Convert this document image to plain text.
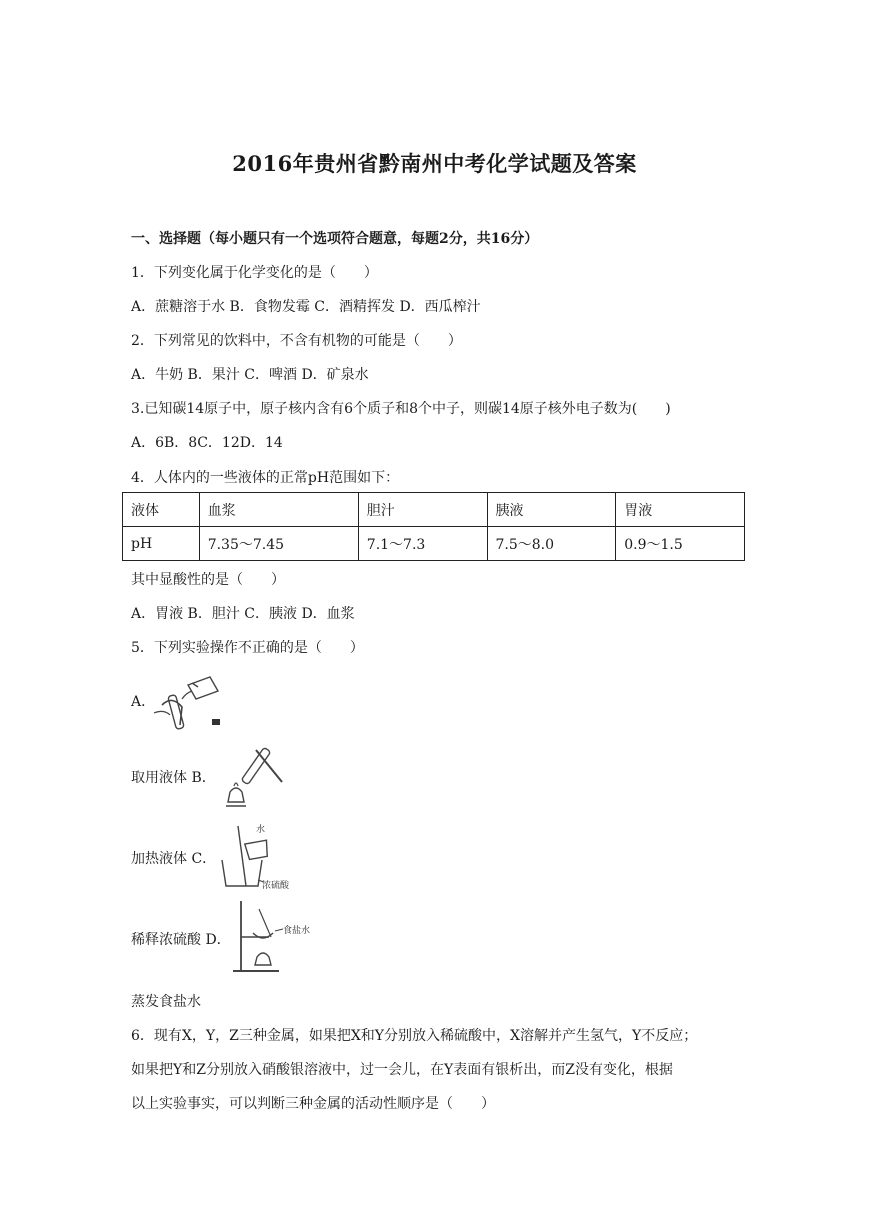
2016年贵州省黔南州中考化学试题及答案
一、选择题（每小题只有一个选项符合题意，每题2分，共16分）
1．下列变化属于化学变化的是（　　）
A．蔗糖溶于水 B．食物发霉 C．酒精挥发 D．西瓜榨汁
2．下列常见的饮料中，不含有机物的可能是（　　）
A．牛奶 B．果汁 C．啤酒 D．矿泉水
3.已知碳14原子中，原子核内含有6个质子和8个中子，则碳14原子核外电子数为(　　)
A．6B．8C．12D．14
4．人体内的一些液体的正常pH范围如下：
液体	血浆	胆汁	胰液	胃液
pH	7.35～7.45	7.1～7.3	7.5～8.0	0.9～1.5
其中显酸性的是（　　）
A．胃液 B．胆汁 C．胰液 D．血浆
5．下列实验操作不正确的是（　　）
A．
取用液体 B．
加热液体 C．
水
浓硫酸
稀释浓硫酸 D．
食盐水
蒸发食盐水
6．现有X，Y，Z三种金属，如果把X和Y分别放入稀硫酸中，X溶解并产生氢气，Y不反应；
如果把Y和Z分别放入硝酸银溶液中，过一会儿，在Y表面有银析出，而Z没有变化，根据
以上实验事实，可以判断三种金属的活动性顺序是（　　）
